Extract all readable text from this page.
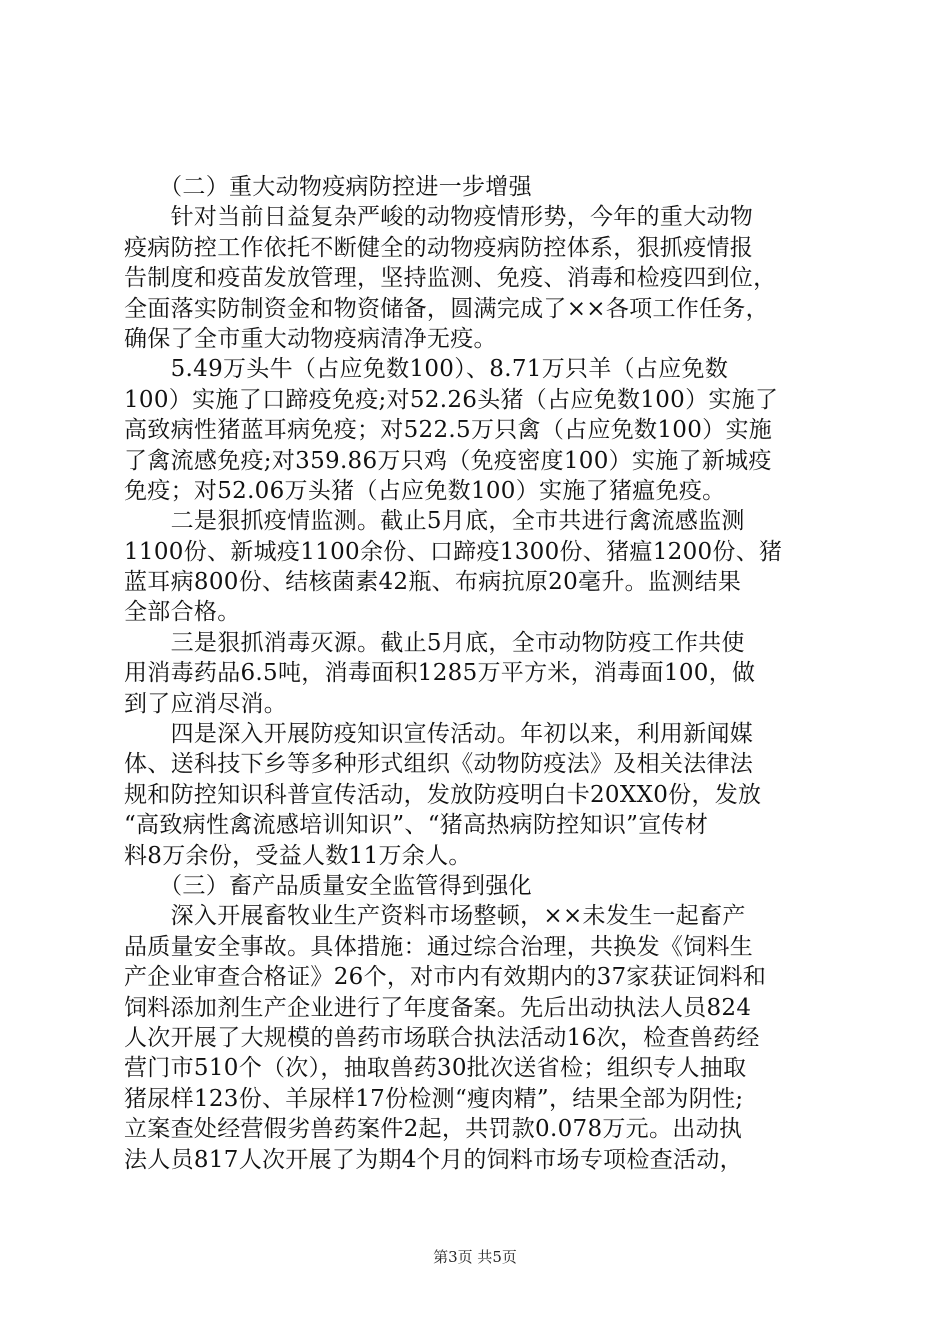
　　（二）重大动物疫病防控进一步增强
　　针对当前日益复杂严峻的动物疫情形势，今年的重大动物
疫病防控工作依托不断健全的动物疫病防控体系，狠抓疫情报
告制度和疫苗发放管理，坚持监测、免疫、消毒和检疫四到位，
全面落实防制资金和物资储备，圆满完成了××各项工作任务，
确保了全市重大动物疫病清净无疫。
　　5.49万头牛（占应免数100）、8.71万只羊（占应免数
100）实施了口蹄疫免疫;对52.26头猪（占应免数100）实施了
高致病性猪蓝耳病免疫；对522.5万只禽（占应免数100）实施
了禽流感免疫;对359.86万只鸡（免疫密度100）实施了新城疫
免疫；对52.06万头猪（占应免数100）实施了猪瘟免疫。
　　二是狠抓疫情监测。截止5月底，全市共进行禽流感监测
1100份、新城疫1100余份、口蹄疫1300份、猪瘟1200份、猪
蓝耳病800份、结核菌素42瓶、布病抗原20毫升。监测结果
全部合格。
　　三是狠抓消毒灭源。截止5月底，全市动物防疫工作共使
用消毒药品6.5吨，消毒面积1285万平方米，消毒面100，做
到了应消尽消。
　　四是深入开展防疫知识宣传活动。年初以来，利用新闻媒
体、送科技下乡等多种形式组织《动物防疫法》及相关法律法
规和防控知识科普宣传活动，发放防疫明白卡20XX0份，发放
“高致病性禽流感培训知识”、“猪高热病防控知识”宣传材
料8万余份，受益人数11万余人。
　　（三）畜产品质量安全监管得到强化
　　深入开展畜牧业生产资料市场整顿，××未发生一起畜产
品质量安全事故。具体措施：通过综合治理，共换发《饲料生
产企业审查合格证》26个，对市内有效期内的37家获证饲料和
饲料添加剂生产企业进行了年度备案。先后出动执法人员824
人次开展了大规模的兽药市场联合执法活动16次，检查兽药经
营门市510个（次），抽取兽药30批次送省检；组织专人抽取
猪尿样123份、羊尿样17份检测“瘦肉精”，结果全部为阴性;
立案查处经营假劣兽药案件2起，共罚款0.078万元。出动执
法人员817人次开展了为期4个月的饲料市场专项检查活动，
第3页 共5页
